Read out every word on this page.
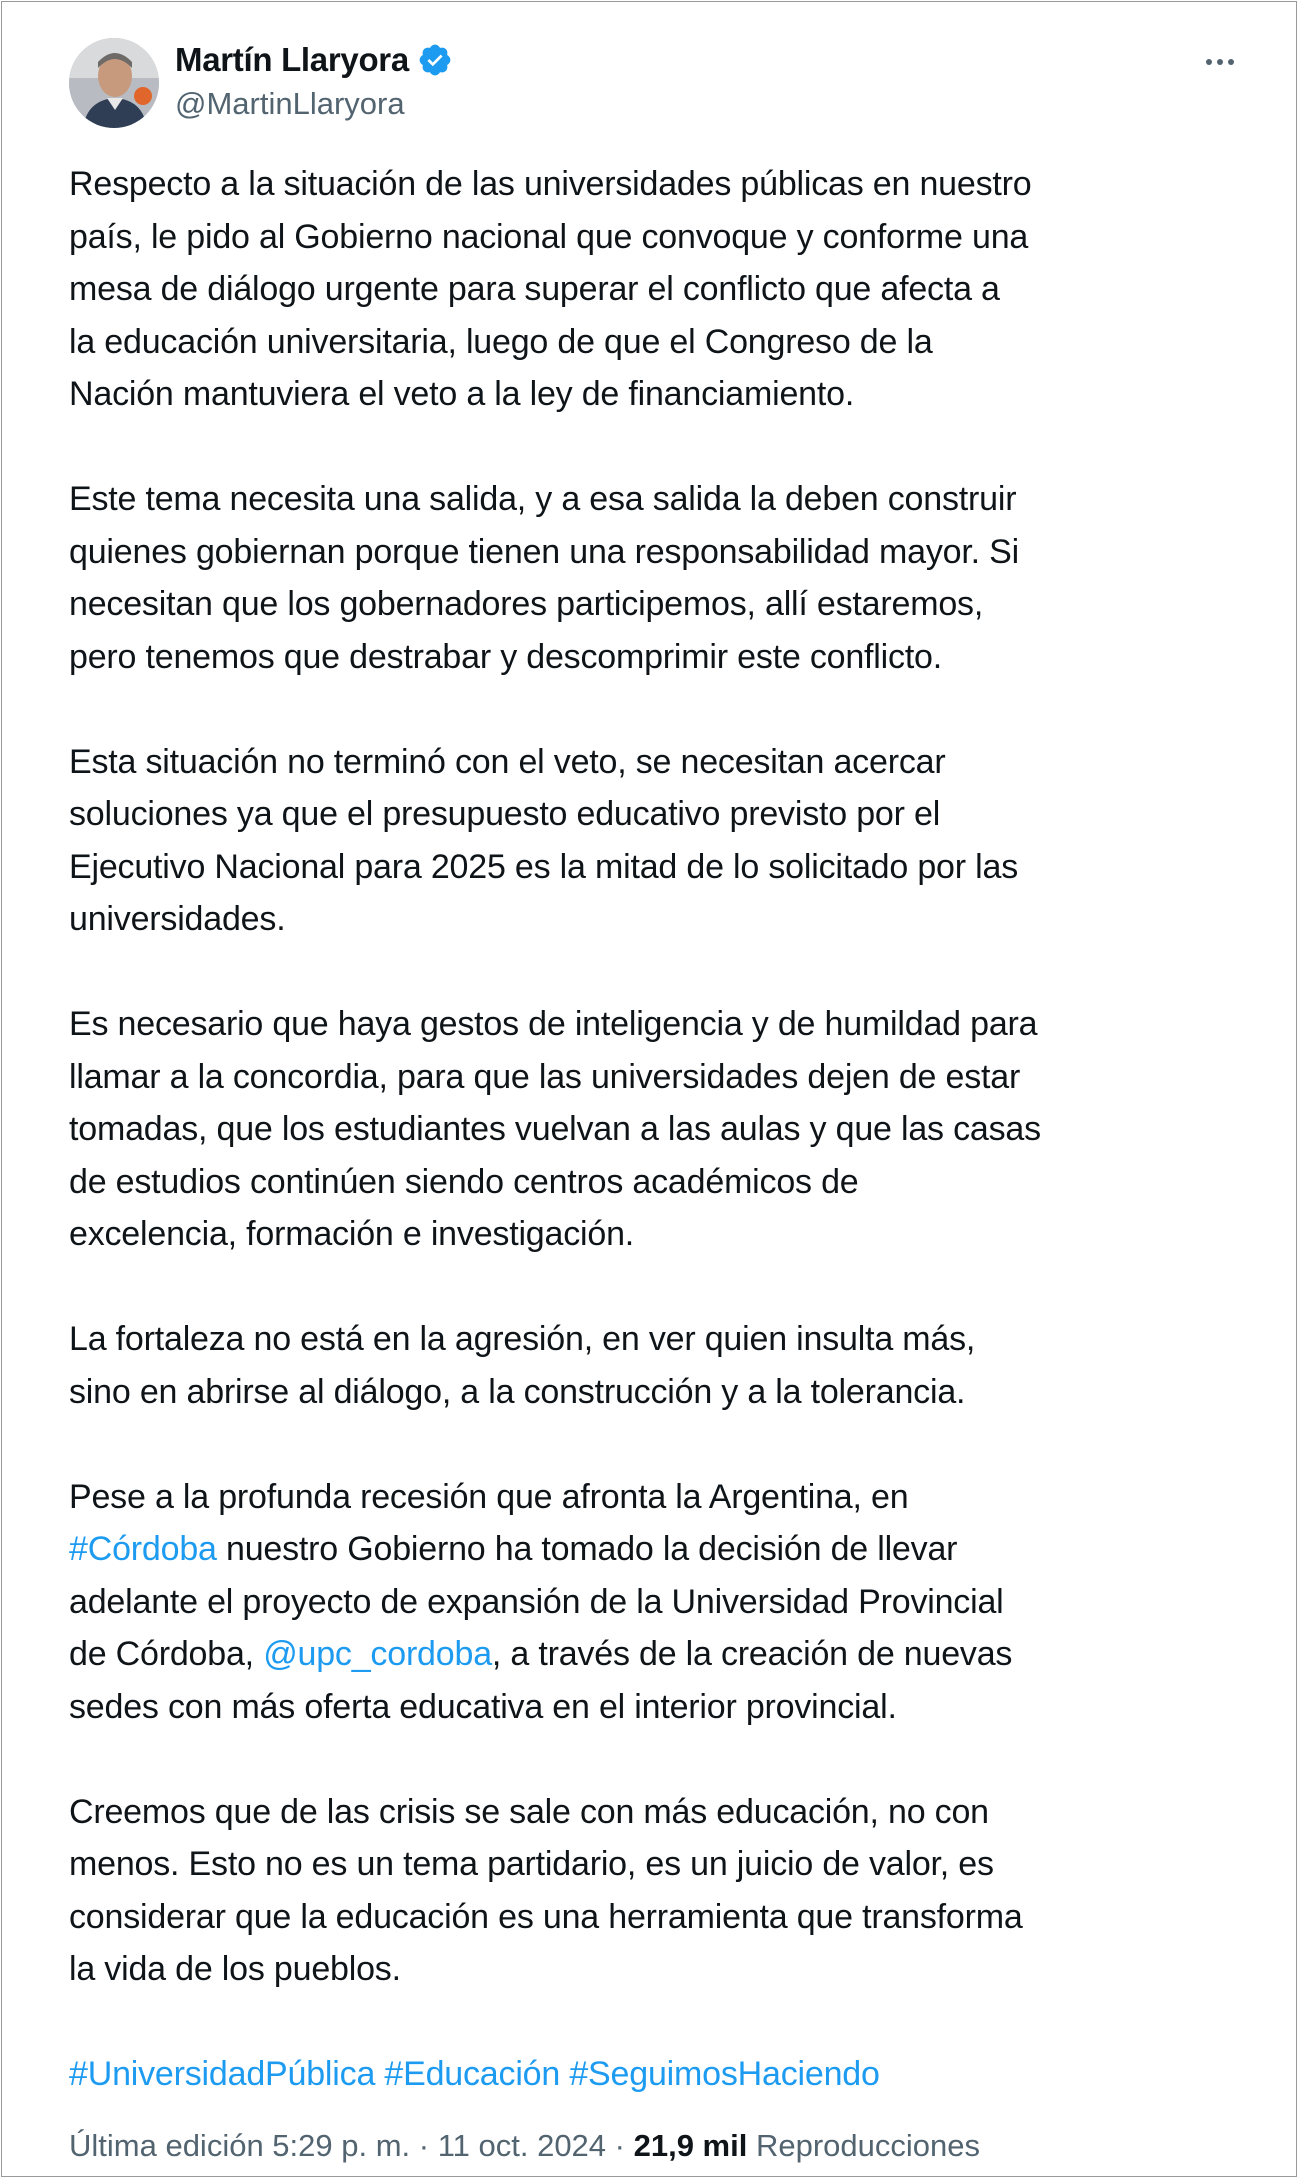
Martín Llaryora
@MartinLlaryora

Respecto a la situación de las universidades públicas en nuestro
país, le pido al Gobierno nacional que convoque y conforme una
mesa de diálogo urgente para superar el conflicto que afecta a
la educación universitaria, luego de que el Congreso de la
Nación mantuviera el veto a la ley de financiamiento.

Este tema necesita una salida, y a esa salida la deben construir
quienes gobiernan porque tienen una responsabilidad mayor. Si
necesitan que los gobernadores participemos, allí estaremos,
pero tenemos que destrabar y descomprimir este conflicto.

Esta situación no terminó con el veto, se necesitan acercar
soluciones ya que el presupuesto educativo previsto por el
Ejecutivo Nacional para 2025 es la mitad de lo solicitado por las
universidades.

Es necesario que haya gestos de inteligencia y de humildad para
llamar a la concordia, para que las universidades dejen de estar
tomadas, que los estudiantes vuelvan a las aulas y que las casas
de estudios continúen siendo centros académicos de
excelencia, formación e investigación.

La fortaleza no está en la agresión, en ver quien insulta más,
sino en abrirse al diálogo, a la construcción y a la tolerancia.

Pese a la profunda recesión que afronta la Argentina, en
#Córdoba nuestro Gobierno ha tomado la decisión de llevar
adelante el proyecto de expansión de la Universidad Provincial
de Córdoba, @upc_cordoba, a través de la creación de nuevas
sedes con más oferta educativa en el interior provincial.

Creemos que de las crisis se sale con más educación, no con
menos. Esto no es un tema partidario, es un juicio de valor, es
considerar que la educación es una herramienta que transforma
la vida de los pueblos.

#UniversidadPública #Educación #SeguimosHaciendo

Última edición 5:29 p. m. · 11 oct. 2024 · 21,9 mil Reproducciones
